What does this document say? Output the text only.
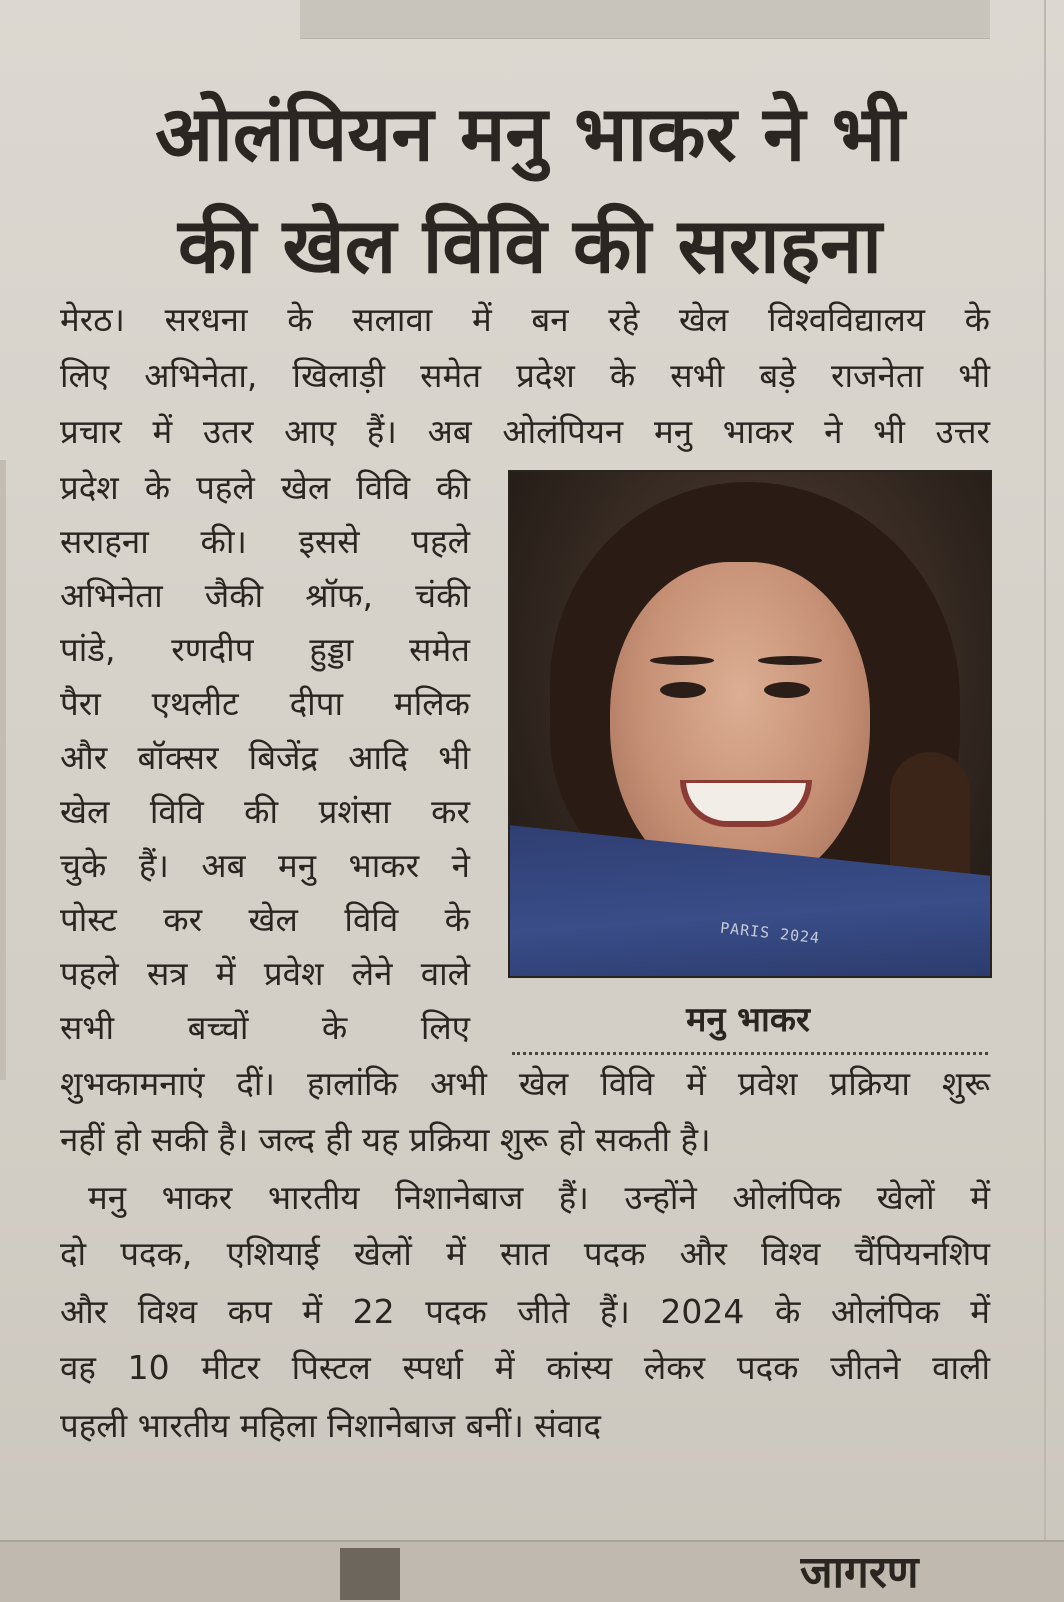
ओलंपियन मनु भाकर ने भी
की खेल विवि की सराहना
मेरठ। सरधना के सलावा में बन रहे खेल विश्वविद्यालय के
लिए अभिनेता, खिलाड़ी समेत प्रदेश के सभी बड़े राजनेता भी
प्रचार में उतर आए हैं। अब ओलंपियन मनु भाकर ने भी उत्तर
प्रदेश के पहले खेल विवि की
सराहना की। इससे पहले
अभिनेता जैकी श्रॉफ, चंकी
पांडे, रणदीप हुड्डा समेत
पैरा एथलीट दीपा मलिक
और बॉक्सर बिजेंद्र आदि भी
खेल विवि की प्रशंसा कर
चुके हैं। अब मनु भाकर ने
पोस्ट कर खेल विवि के
पहले सत्र में प्रवेश लेने वाले
सभी बच्चों के लिए
PARIS 2024
मनु भाकर
शुभकामनाएं दीं। हालांकि अभी खेल विवि में प्रवेश प्रक्रिया शुरू
नहीं हो सकी है। जल्द ही यह प्रक्रिया शुरू हो सकती है।
मनु भाकर भारतीय निशानेबाज हैं। उन्होंने ओलंपिक खेलों में
दो पदक, एशियाई खेलों में सात पदक और विश्व चैंपियनशिप
और विश्व कप में 22 पदक जीते हैं। 2024 के ओलंपिक में
वह 10 मीटर पिस्टल स्पर्धा में कांस्य लेकर पदक जीतने वाली
पहली भारतीय महिला निशानेबाज बनीं। संवाद
जागरण
